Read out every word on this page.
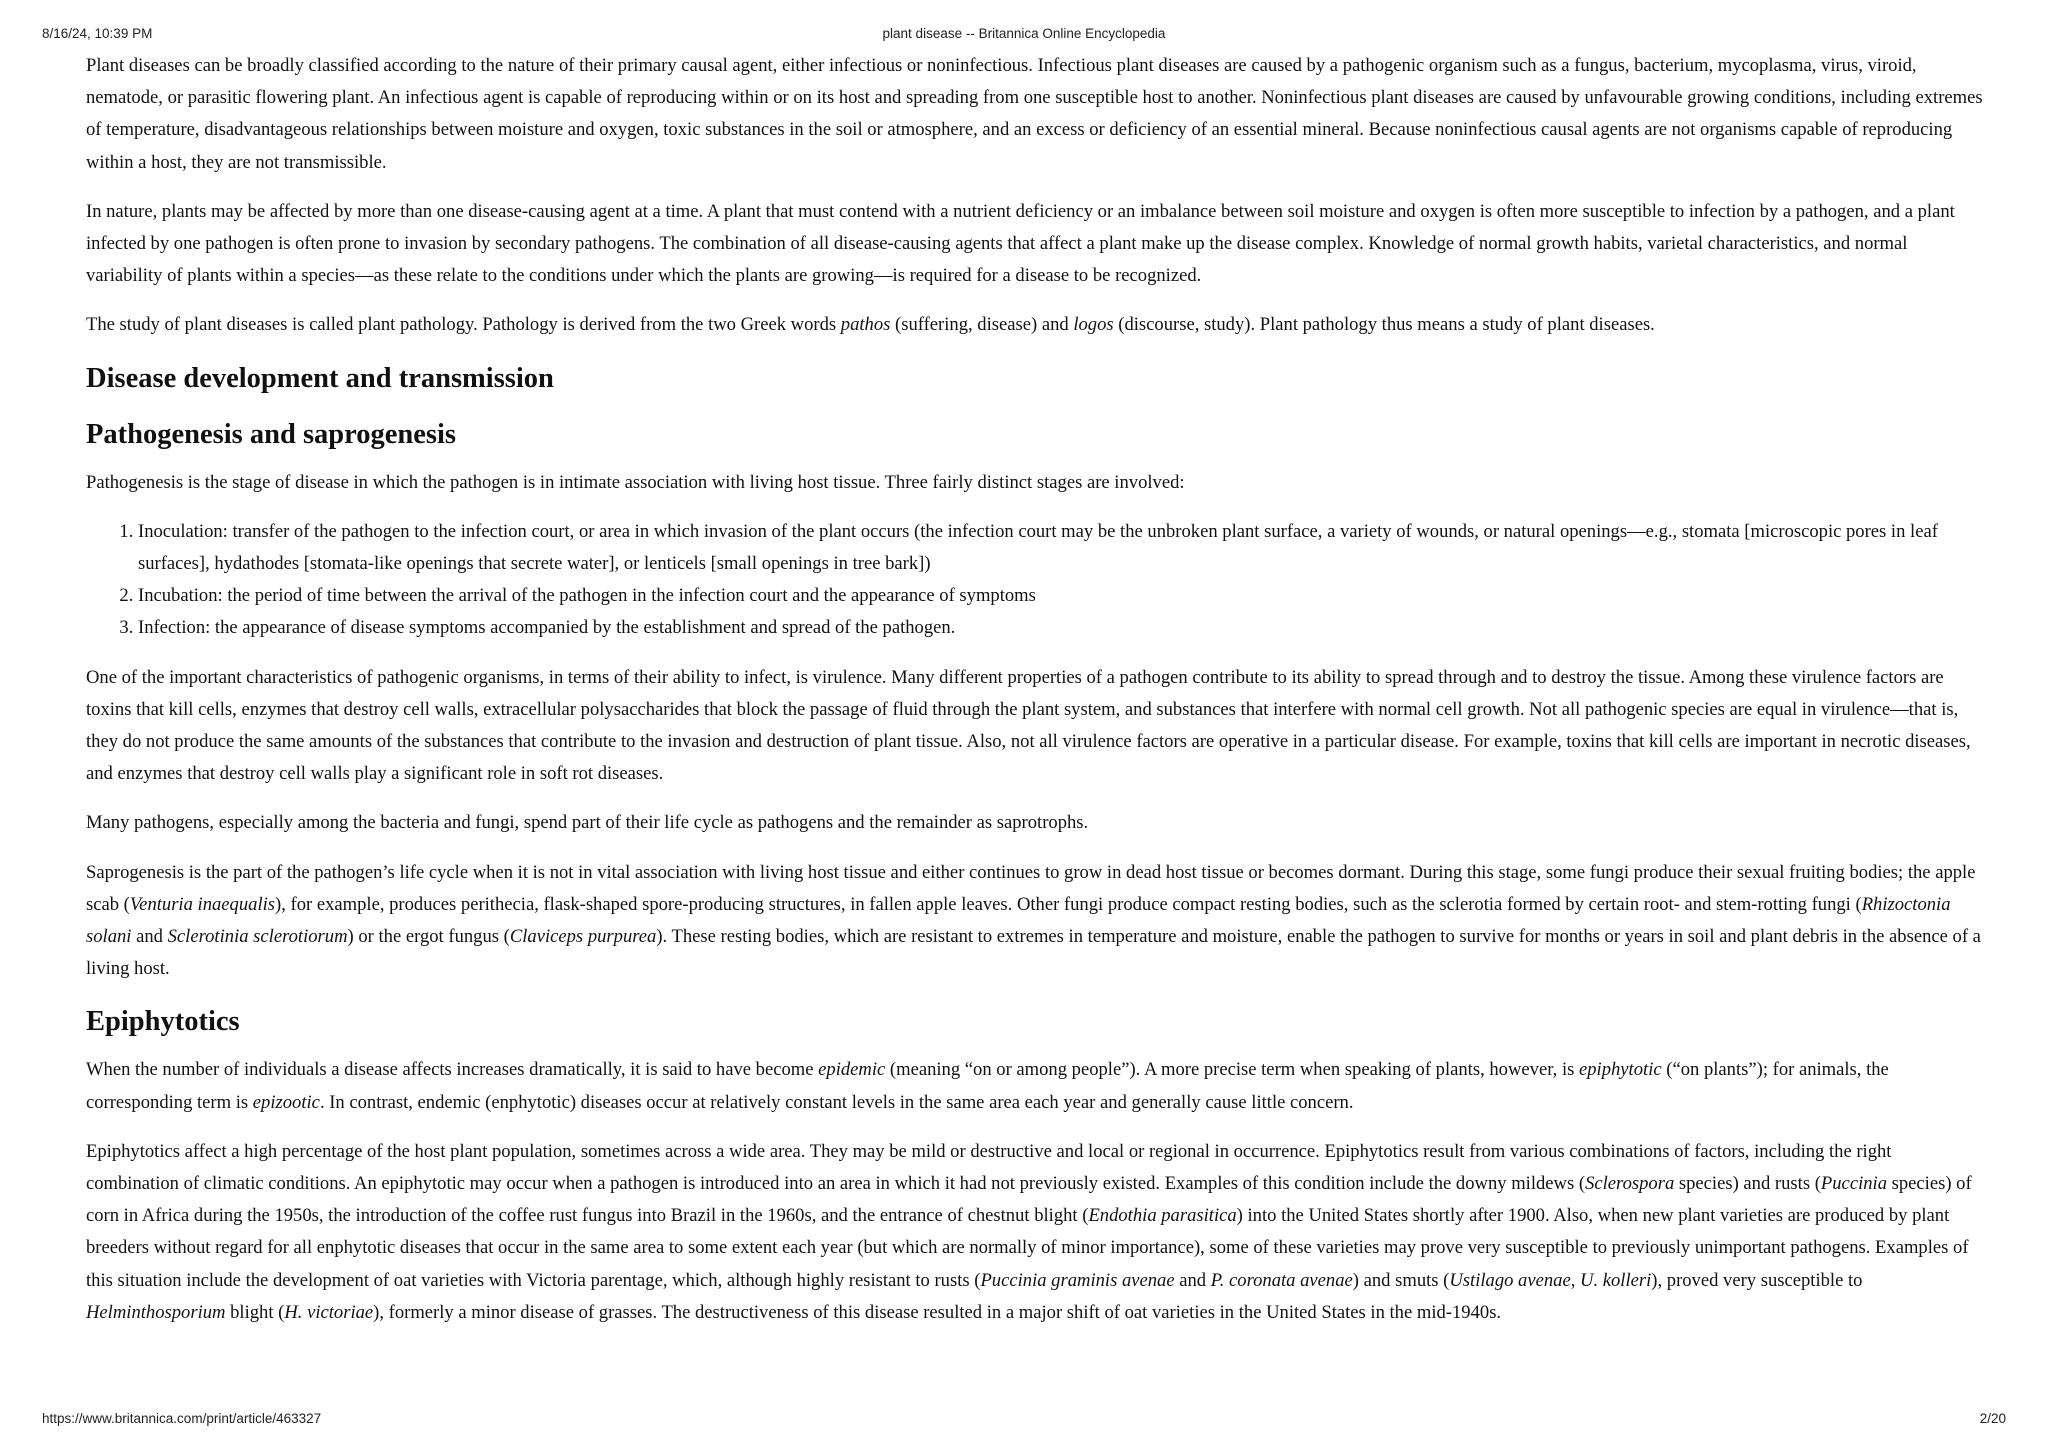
8/16/24, 10:39 PM	plant disease -- Britannica Online Encyclopedia

Plant diseases can be broadly classified according to the nature of their primary causal agent, either infectious or noninfectious. Infectious plant diseases are caused by a pathogenic organism such as a fungus, bacterium, mycoplasma, virus, viroid, nematode, or parasitic flowering plant. An infectious agent is capable of reproducing within or on its host and spreading from one susceptible host to another. Noninfectious plant diseases are caused by unfavourable growing conditions, including extremes of temperature, disadvantageous relationships between moisture and oxygen, toxic substances in the soil or atmosphere, and an excess or deficiency of an essential mineral. Because noninfectious causal agents are not organisms capable of reproducing within a host, they are not transmissible.

In nature, plants may be affected by more than one disease-causing agent at a time. A plant that must contend with a nutrient deficiency or an imbalance between soil moisture and oxygen is often more susceptible to infection by a pathogen, and a plant infected by one pathogen is often prone to invasion by secondary pathogens. The combination of all disease-causing agents that affect a plant make up the disease complex. Knowledge of normal growth habits, varietal characteristics, and normal variability of plants within a species—as these relate to the conditions under which the plants are growing—is required for a disease to be recognized.

The study of plant diseases is called plant pathology. Pathology is derived from the two Greek words pathos (suffering, disease) and logos (discourse, study). Plant pathology thus means a study of plant diseases.

Disease development and transmission
Pathogenesis and saprogenesis

Pathogenesis is the stage of disease in which the pathogen is in intimate association with living host tissue. Three fairly distinct stages are involved:

1. Inoculation: transfer of the pathogen to the infection court, or area in which invasion of the plant occurs (the infection court may be the unbroken plant surface, a variety of wounds, or natural openings—e.g., stomata [microscopic pores in leaf surfaces], hydathodes [stomata-like openings that secrete water], or lenticels [small openings in tree bark])
2. Incubation: the period of time between the arrival of the pathogen in the infection court and the appearance of symptoms
3. Infection: the appearance of disease symptoms accompanied by the establishment and spread of the pathogen.

One of the important characteristics of pathogenic organisms, in terms of their ability to infect, is virulence. Many different properties of a pathogen contribute to its ability to spread through and to destroy the tissue. Among these virulence factors are toxins that kill cells, enzymes that destroy cell walls, extracellular polysaccharides that block the passage of fluid through the plant system, and substances that interfere with normal cell growth. Not all pathogenic species are equal in virulence—that is, they do not produce the same amounts of the substances that contribute to the invasion and destruction of plant tissue. Also, not all virulence factors are operative in a particular disease. For example, toxins that kill cells are important in necrotic diseases, and enzymes that destroy cell walls play a significant role in soft rot diseases.

Many pathogens, especially among the bacteria and fungi, spend part of their life cycle as pathogens and the remainder as saprotrophs.

Saprogenesis is the part of the pathogen’s life cycle when it is not in vital association with living host tissue and either continues to grow in dead host tissue or becomes dormant. During this stage, some fungi produce their sexual fruiting bodies; the apple scab (Venturia inaequalis), for example, produces perithecia, flask-shaped spore-producing structures, in fallen apple leaves. Other fungi produce compact resting bodies, such as the sclerotia formed by certain root- and stem-rotting fungi (Rhizoctonia solani and Sclerotinia sclerotiorum) or the ergot fungus (Claviceps purpurea). These resting bodies, which are resistant to extremes in temperature and moisture, enable the pathogen to survive for months or years in soil and plant debris in the absence of a living host.

Epiphytotics

When the number of individuals a disease affects increases dramatically, it is said to have become epidemic (meaning “on or among people”). A more precise term when speaking of plants, however, is epiphytotic (“on plants”); for animals, the corresponding term is epizootic. In contrast, endemic (enphytotic) diseases occur at relatively constant levels in the same area each year and generally cause little concern.

Epiphytotics affect a high percentage of the host plant population, sometimes across a wide area. They may be mild or destructive and local or regional in occurrence. Epiphytotics result from various combinations of factors, including the right combination of climatic conditions. An epiphytotic may occur when a pathogen is introduced into an area in which it had not previously existed. Examples of this condition include the downy mildews (Sclerospora species) and rusts (Puccinia species) of corn in Africa during the 1950s, the introduction of the coffee rust fungus into Brazil in the 1960s, and the entrance of chestnut blight (Endothia parasitica) into the United States shortly after 1900. Also, when new plant varieties are produced by plant breeders without regard for all enphytotic diseases that occur in the same area to some extent each year (but which are normally of minor importance), some of these varieties may prove very susceptible to previously unimportant pathogens. Examples of this situation include the development of oat varieties with Victoria parentage, which, although highly resistant to rusts (Puccinia graminis avenae and P. coronata avenae) and smuts (Ustilago avenae, U. kolleri), proved very susceptible to Helminthosporium blight (H. victoriae), formerly a minor disease of grasses. The destructiveness of this disease resulted in a major shift of oat varieties in the United States in the mid-1940s.

https://www.britannica.com/print/article/463327	2/20
